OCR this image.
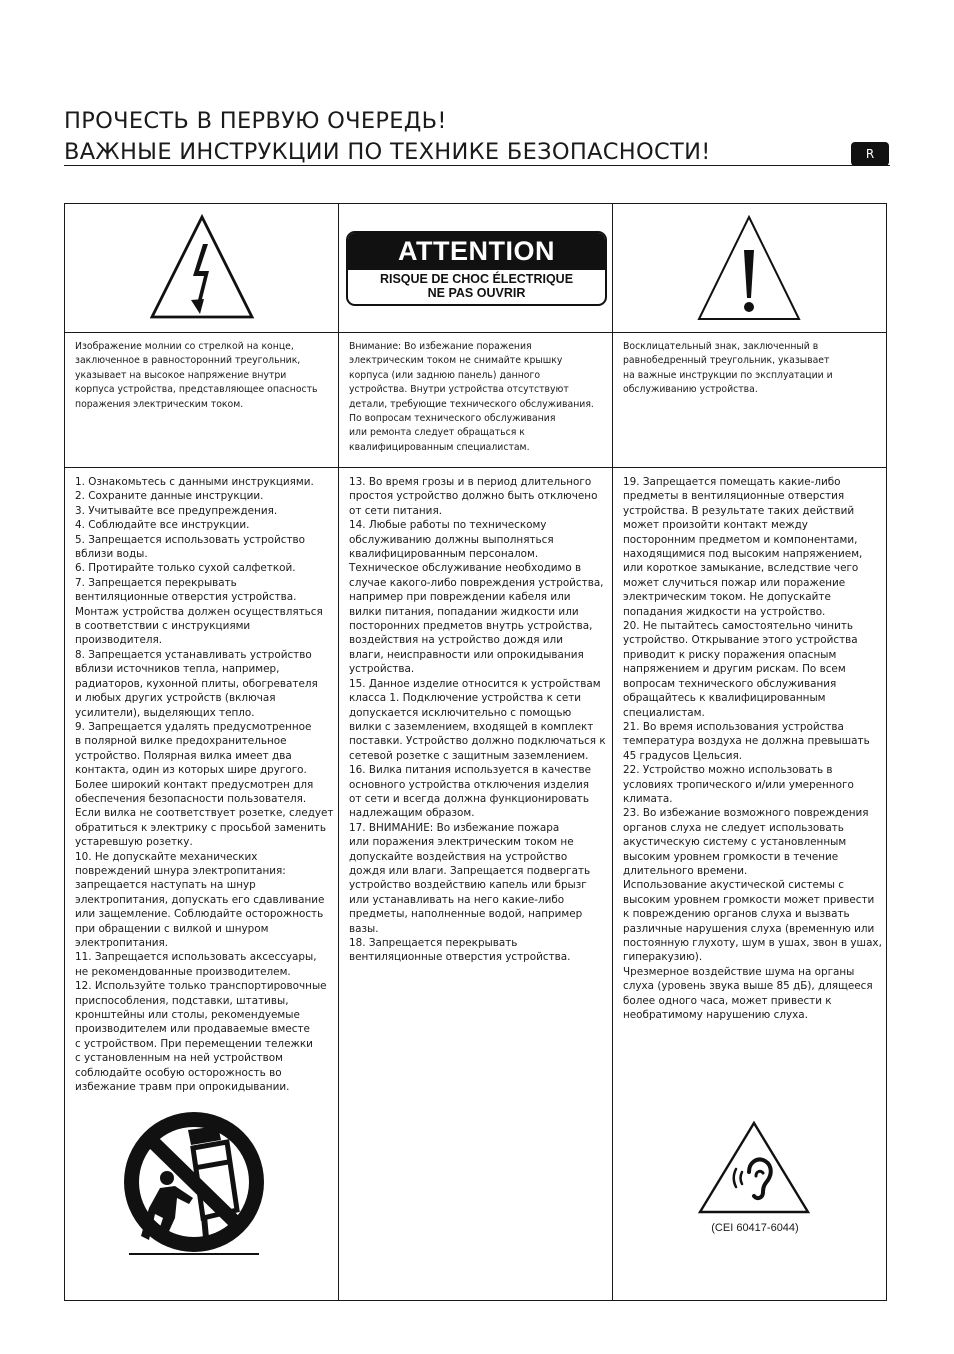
ПРОЧЕСТЬ В ПЕРВУЮ ОЧЕРЕДЬ!
ВАЖНЫЕ ИНСТРУКЦИИ ПО ТЕХНИКЕ БЕЗОПАСНОСТИ!	R
ATTENTION
RISQUE DE CHOC ÉLECTRIQUE
NE PAS OUVRIR
Изображение молнии со стрелкой на конце,
заключенное в равносторонний треугольник,
указывает на высокое напряжение внутри
корпуса устройства, представляющее опасность
поражения электрическим током.
Внимание: Во избежание поражения
электрическим током не снимайте крышку
корпуса (или заднюю панель) данного
устройства. Внутри устройства отсутствуют
детали, требующие технического обслуживания.
По вопросам технического обслуживания
или ремонта следует обращаться к
квалифицированным специалистам.
Восклицательный знак, заключенный в
равнобедренный треугольник, указывает
на важные инструкции по эксплуатации и
обслуживанию устройства.
1. Ознакомьтесь с данными инструкциями.
2. Сохраните данные инструкции.
3. Учитывайте все предупреждения.
4. Соблюдайте все инструкции.
5. Запрещается использовать устройство
вблизи воды.
6. Протирайте только сухой салфеткой.
7. Запрещается перекрывать
вентиляционные отверстия устройства.
Монтаж устройства должен осуществляться
в соответствии с инструкциями
производителя.
8. Запрещается устанавливать устройство
вблизи источников тепла, например,
радиаторов, кухонной плиты, обогревателя
и любых других устройств (включая
усилители), выделяющих тепло.
9. Запрещается удалять предусмотренное
в полярной вилке предохранительное
устройство. Полярная вилка имеет два
контакта, один из которых шире другого.
Более широкий контакт предусмотрен для
обеспечения безопасности пользователя.
Если вилка не соответствует розетке, следует
обратиться к электрику с просьбой заменить
устаревшую розетку.
10. Не допускайте механических
повреждений шнура электропитания:
запрещается наступать на шнур
электропитания, допускать его сдавливание
или защемление. Соблюдайте осторожность
при обращении с вилкой и шнуром
электропитания.
11. Запрещается использовать аксессуары,
не рекомендованные производителем.
12. Используйте только транспортировочные
приспособления, подставки, штативы,
кронштейны или столы, рекомендуемые
производителем или продаваемые вместе
с устройством. При перемещении тележки
с установленным на ней устройством
соблюдайте особую осторожность во
избежание травм при опрокидывании.
13. Во время грозы и в период длительного
простоя устройство должно быть отключено
от сети питания.
14. Любые работы по техническому
обслуживанию должны выполняться
квалифицированным персоналом.
Техническое обслуживание необходимо в
случае какого-либо повреждения устройства,
например при повреждении кабеля или
вилки питания, попадании жидкости или
посторонних предметов внутрь устройства,
воздействия на устройство дождя или
влаги, неисправности или опрокидывания
устройства.
15. Данное изделие относится к устройствам
класса 1. Подключение устройства к сети
допускается исключительно с помощью
вилки с заземлением, входящей в комплект
поставки. Устройство должно подключаться к
сетевой розетке с защитным заземлением.
16. Вилка питания используется в качестве
основного устройства отключения изделия
от сети и всегда должна функционировать
надлежащим образом.
17. ВНИМАНИЕ: Во избежание пожара
или поражения электрическим током не
допускайте воздействия на устройство
дождя или влаги. Запрещается подвергать
устройство воздействию капель или брызг
или устанавливать на него какие-либо
предметы, наполненные водой, например
вазы.
18. Запрещается перекрывать
вентиляционные отверстия устройства.
19. Запрещается помещать какие-либо
предметы в вентиляционные отверстия
устройства. В результате таких действий
может произойти контакт между
посторонним предметом и компонентами,
находящимися под высоким напряжением,
или короткое замыкание, вследствие чего
может случиться пожар или поражение
электрическим током. Не допускайте
попадания жидкости на устройство.
20. Не пытайтесь самостоятельно чинить
устройство. Открывание этого устройства
приводит к риску поражения опасным
напряжением и другим рискам. По всем
вопросам технического обслуживания
обращайтесь к квалифицированным
специалистам.
21. Во время использования устройства
температура воздуха не должна превышать
45 градусов Цельсия.
22. Устройство можно использовать в
условиях тропического и/или умеренного
климата.
23. Во избежание возможного повреждения
органов слуха не следует использовать
акустическую систему с установленным
высоким уровнем громкости в течение
длительного времени.
Использование акустической системы с
высоким уровнем громкости может привести
к повреждению органов слуха и вызвать
различные нарушения слуха (временную или
постоянную глухоту, шум в ушах, звон в ушах,
гиперакузию).
Чрезмерное воздействие шума на органы
слуха (уровень звука выше 85 дБ), длящееся
более одного часа, может привести к
необратимому нарушению слуха.
(CEI 60417-6044)
